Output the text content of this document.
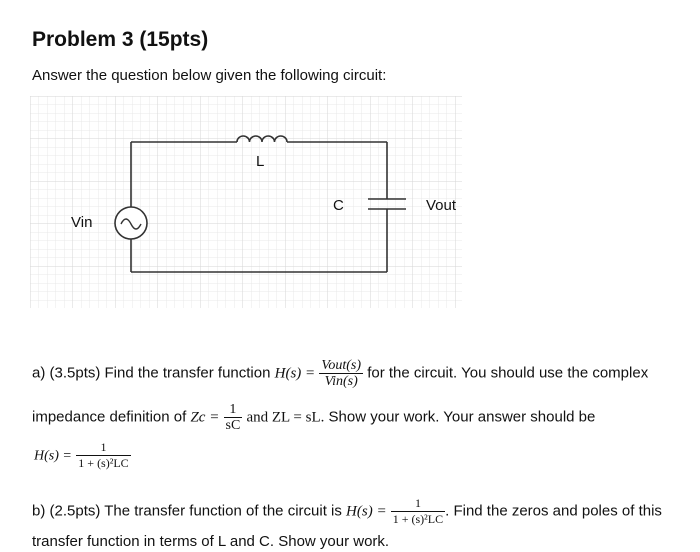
Problem 3 (15pts)
Answer the question below given the following circuit:
L
C	Vout
Vin
a) (3.5pts) Find the transfer function $H(s) = \frac{\text{Vout(s)}}{\text{Vin(s)}}$ for the circuit. You should use the complex
impedance definition of $Zc = \frac{1}{sC}$ and ZL = sL. Show your work. Your answer should be
$H(s) = \frac{1}{\text{1 + (s)²LC}}$
b) (2.5pts) The transfer function of the circuit is $H(s) = \frac{1}{\text{1 + (s)²LC}}$ . Find the zeros and poles of this
transfer function in terms of L and C. Show your work.
